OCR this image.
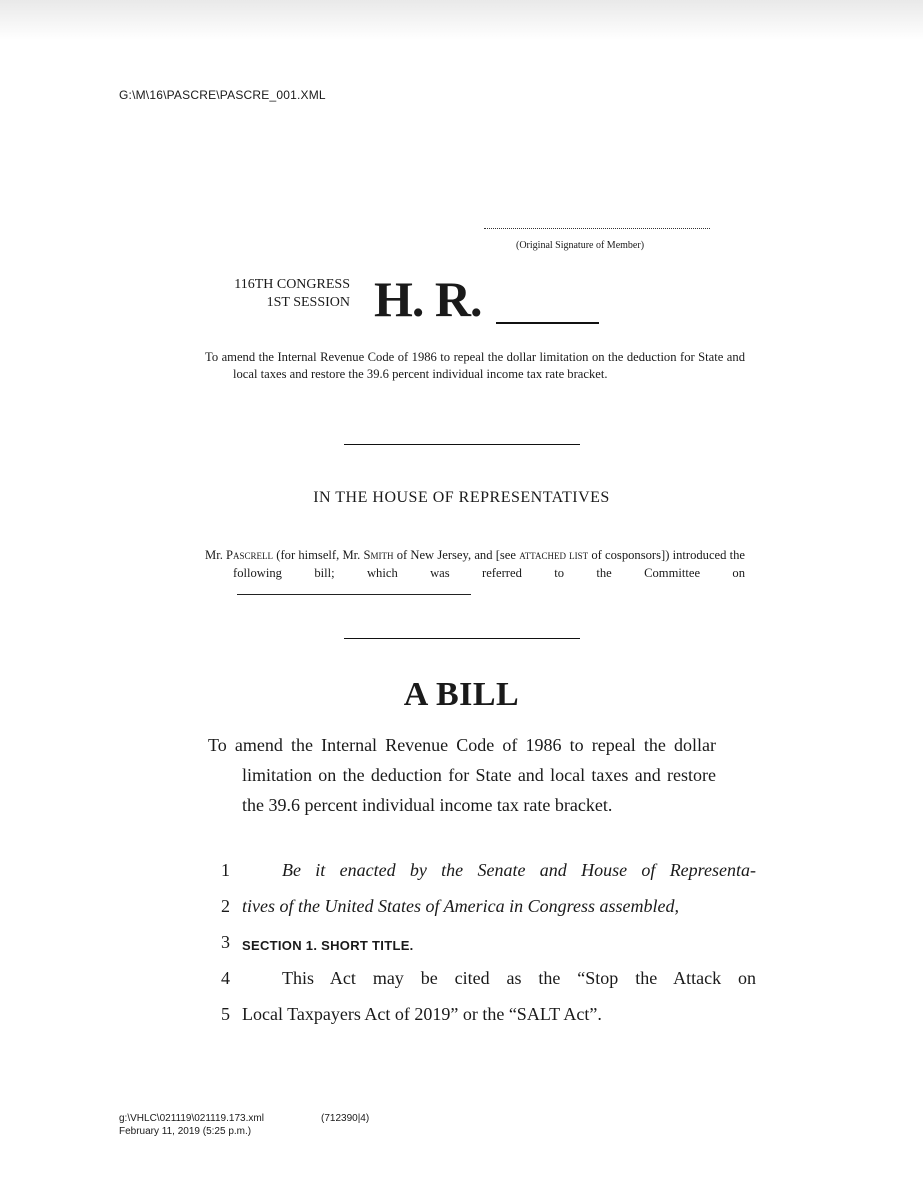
G:\M\16\PASCRE\PASCRE_001.XML
(Original Signature of Member)
116TH CONGRESS
1ST SESSION H. R.
To amend the Internal Revenue Code of 1986 to repeal the dollar limitation on the deduction for State and local taxes and restore the 39.6 percent individual income tax rate bracket.
IN THE HOUSE OF REPRESENTATIVES
Mr. Pascrell (for himself, Mr. Smith of New Jersey, and [see attached list of cosponsors]) introduced the following bill; which was referred to the Committee on
A BILL
To amend the Internal Revenue Code of 1986 to repeal the dollar limitation on the deduction for State and local taxes and restore the 39.6 percent individual income tax rate bracket.
1	Be it enacted by the Senate and House of Representa-
2 tives of the United States of America in Congress assembled,
3 SECTION 1. SHORT TITLE.
4	This Act may be cited as the “Stop the Attack on
5 Local Taxpayers Act of 2019” or the “SALT Act”.
g:\VHLC\021119\021119.173.xml
February 11, 2019 (5:25 p.m.)
(712390|4)
